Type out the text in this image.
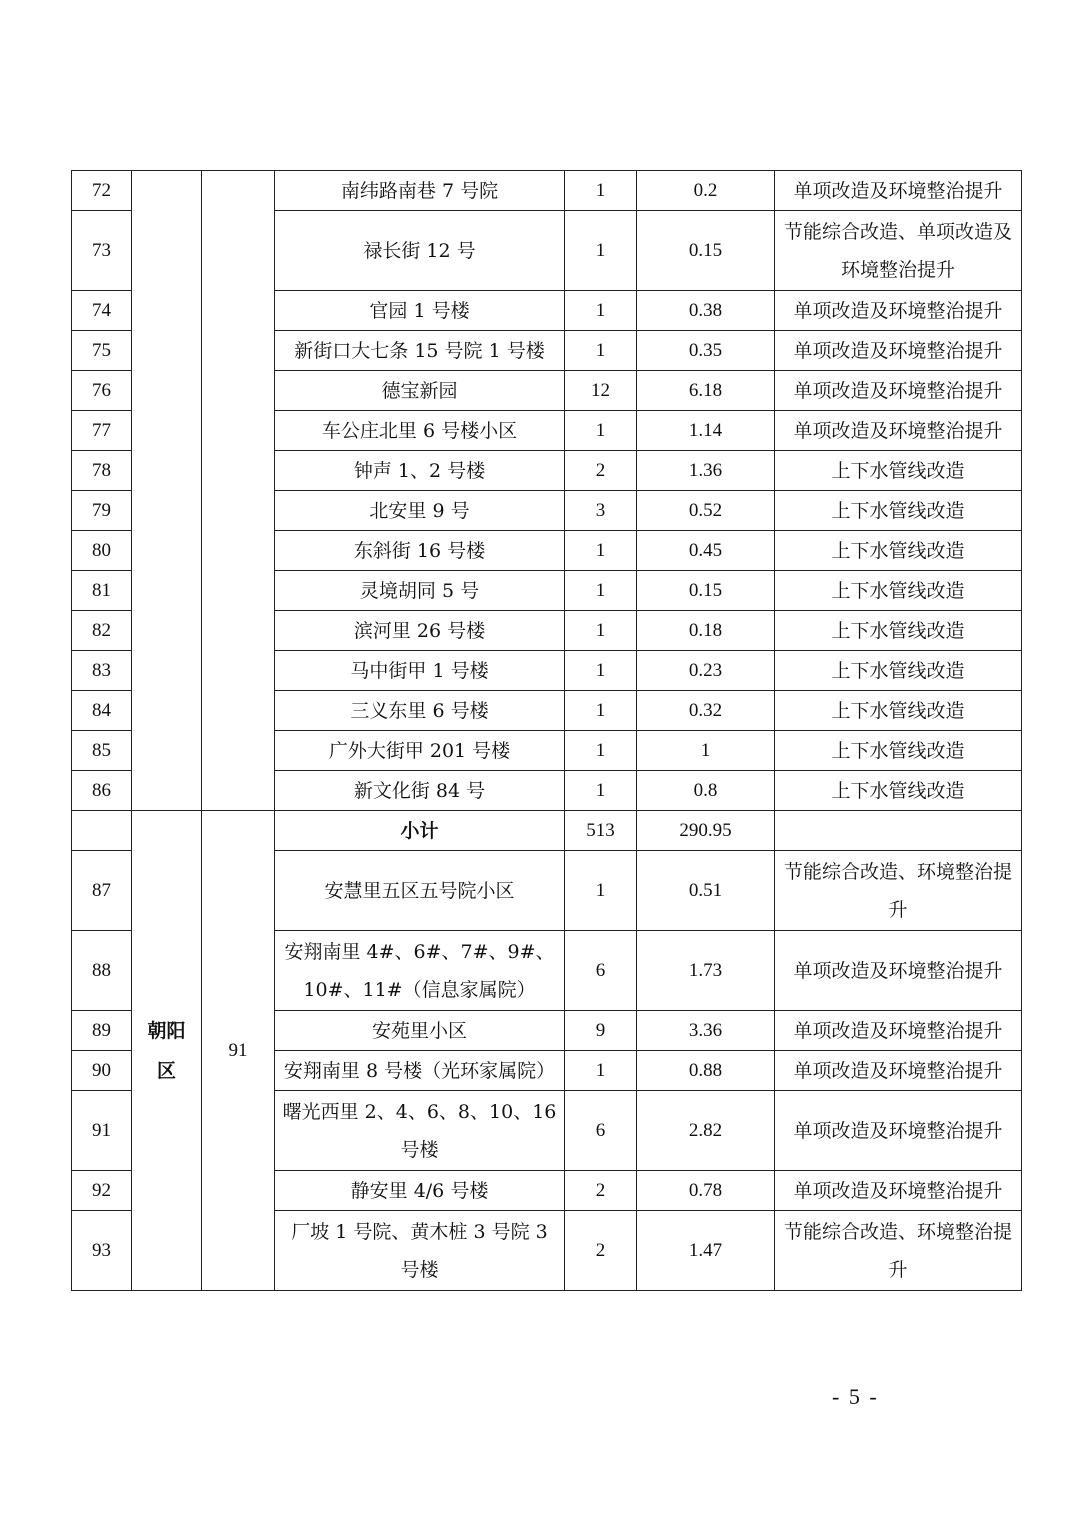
72			南纬路南巷 7 号院	1	0.2	单项改造及环境整治提升
73			禄长街 12 号	1	0.15	节能综合改造、单项改造及环境整治提升
74			官园 1 号楼	1	0.38	单项改造及环境整治提升
75			新街口大七条 15 号院 1 号楼	1	0.35	单项改造及环境整治提升
76			德宝新园	12	6.18	单项改造及环境整治提升
77			车公庄北里 6 号楼小区	1	1.14	单项改造及环境整治提升
78			钟声 1、2 号楼	2	1.36	上下水管线改造
79			北安里 9 号	3	0.52	上下水管线改造
80			东斜街 16 号楼	1	0.45	上下水管线改造
81			灵境胡同 5 号	1	0.15	上下水管线改造
82			滨河里 26 号楼	1	0.18	上下水管线改造
83			马中街甲 1 号楼	1	0.23	上下水管线改造
84			三义东里 6 号楼	1	0.32	上下水管线改造
85			广外大街甲 201 号楼	1	1	上下水管线改造
86			新文化街 84 号	1	0.8	上下水管线改造
	朝阳区	91	小计	513	290.95	
87			安慧里五区五号院小区	1	0.51	节能综合改造、环境整治提升
88			安翔南里 4#、6#、7#、9#、10#、11#（信息家属院）	6	1.73	单项改造及环境整治提升
89			安苑里小区	9	3.36	单项改造及环境整治提升
90			安翔南里 8 号楼（光环家属院）	1	0.88	单项改造及环境整治提升
91			曙光西里 2、4、6、8、10、16 号楼	6	2.82	单项改造及环境整治提升
92			静安里 4/6 号楼	2	0.78	单项改造及环境整治提升
93			厂坡 1 号院、黄木桩 3 号院 3 号楼	2	1.47	节能综合改造、环境整治提升
- 5 -
